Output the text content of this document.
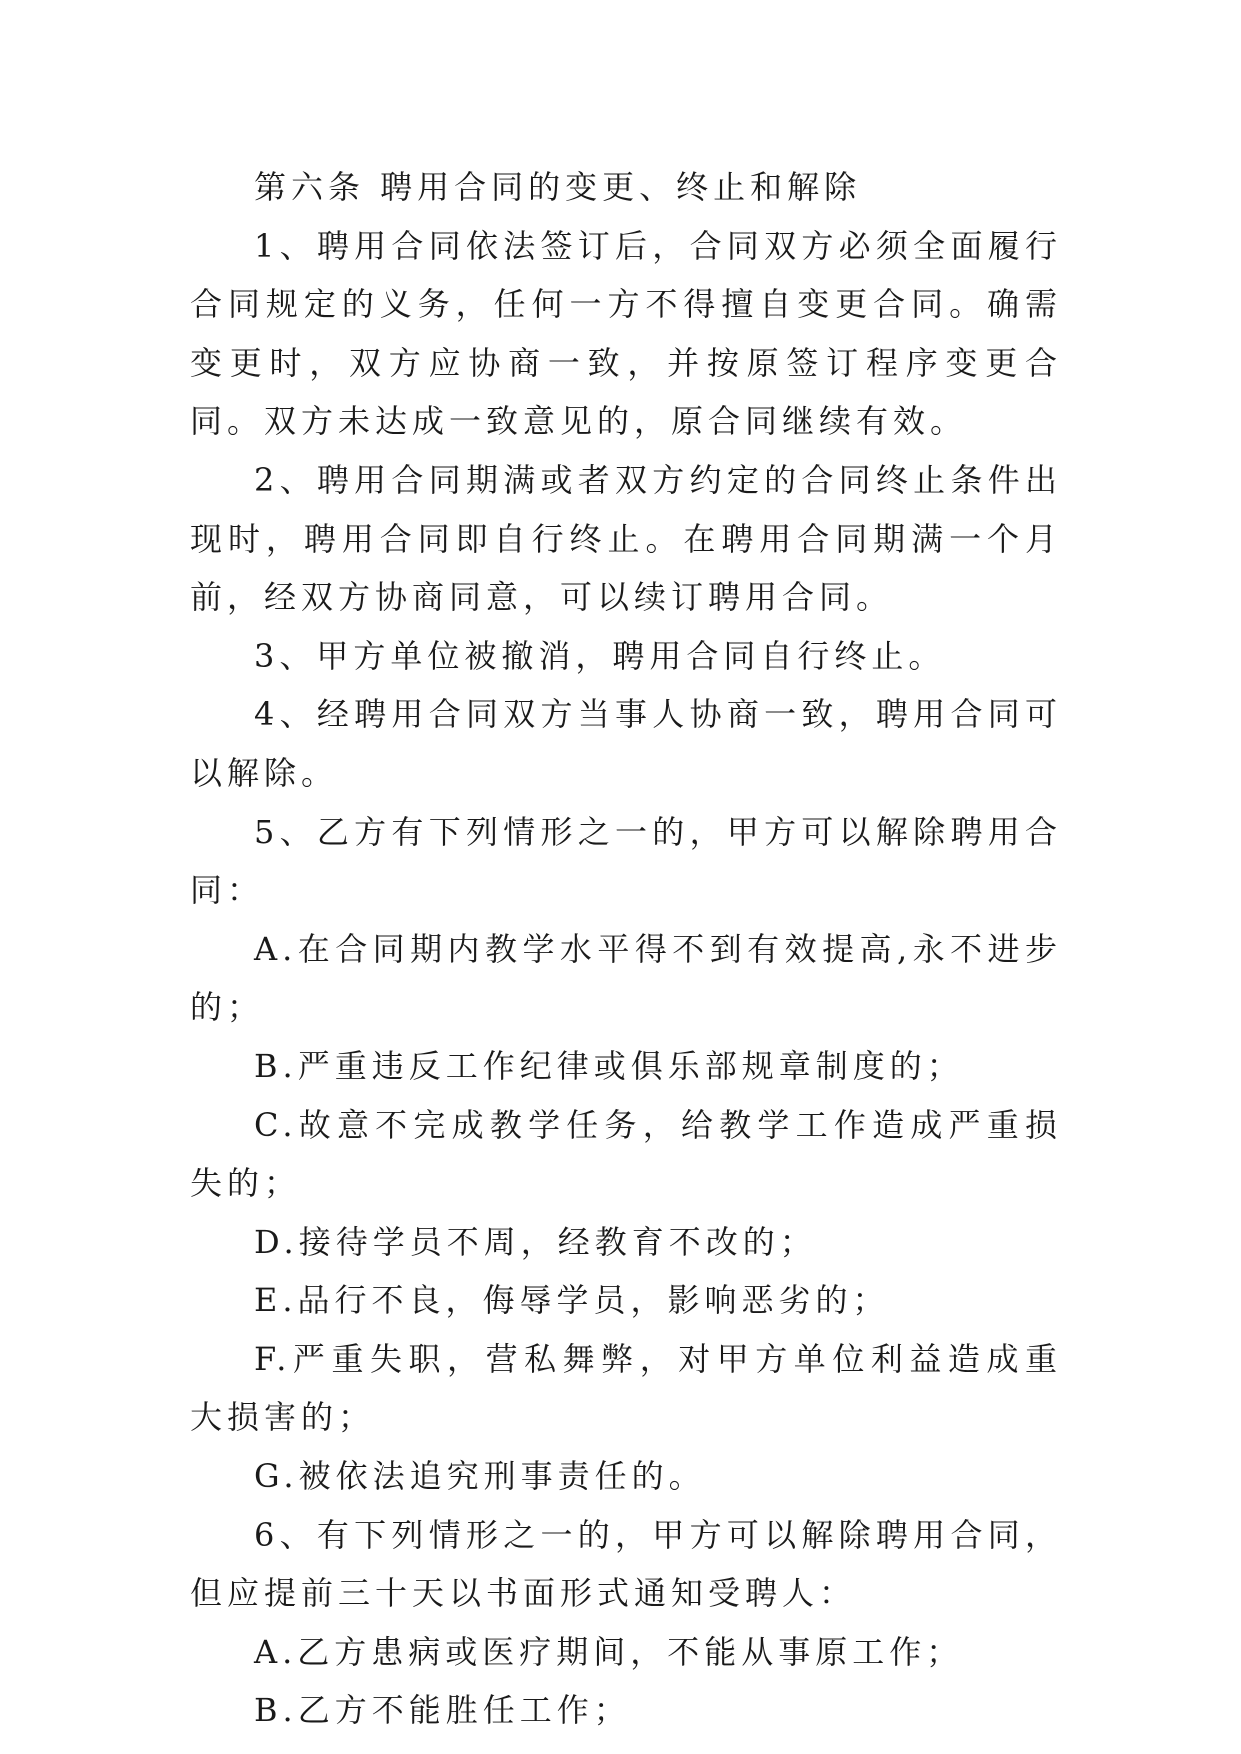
第六条 聘用合同的变更、终止和解除

1、聘用合同依法签订后，合同双方必须全面履行合同规定的义务，任何一方不得擅自变更合同。确需变更时，双方应协商一致，并按原签订程序变更合同。双方未达成一致意见的，原合同继续有效。

2、聘用合同期满或者双方约定的合同终止条件出现时，聘用合同即自行终止。在聘用合同期满一个月前，经双方协商同意，可以续订聘用合同。

3、甲方单位被撤消，聘用合同自行终止。

4、经聘用合同双方当事人协商一致，聘用合同可以解除。

5、乙方有下列情形之一的，甲方可以解除聘用合同：

A.在合同期内教学水平得不到有效提高,永不进步的；

B.严重违反工作纪律或俱乐部规章制度的；

C.故意不完成教学任务，给教学工作造成严重损失的；

D.接待学员不周，经教育不改的；

E.品行不良，侮辱学员，影响恶劣的；

F.严重失职，营私舞弊，对甲方单位利益造成重大损害的；

G.被依法追究刑事责任的。

6、有下列情形之一的，甲方可以解除聘用合同，但应提前三十天以书面形式通知受聘人：

A.乙方患病或医疗期间，不能从事原工作；

B.乙方不能胜任工作；
